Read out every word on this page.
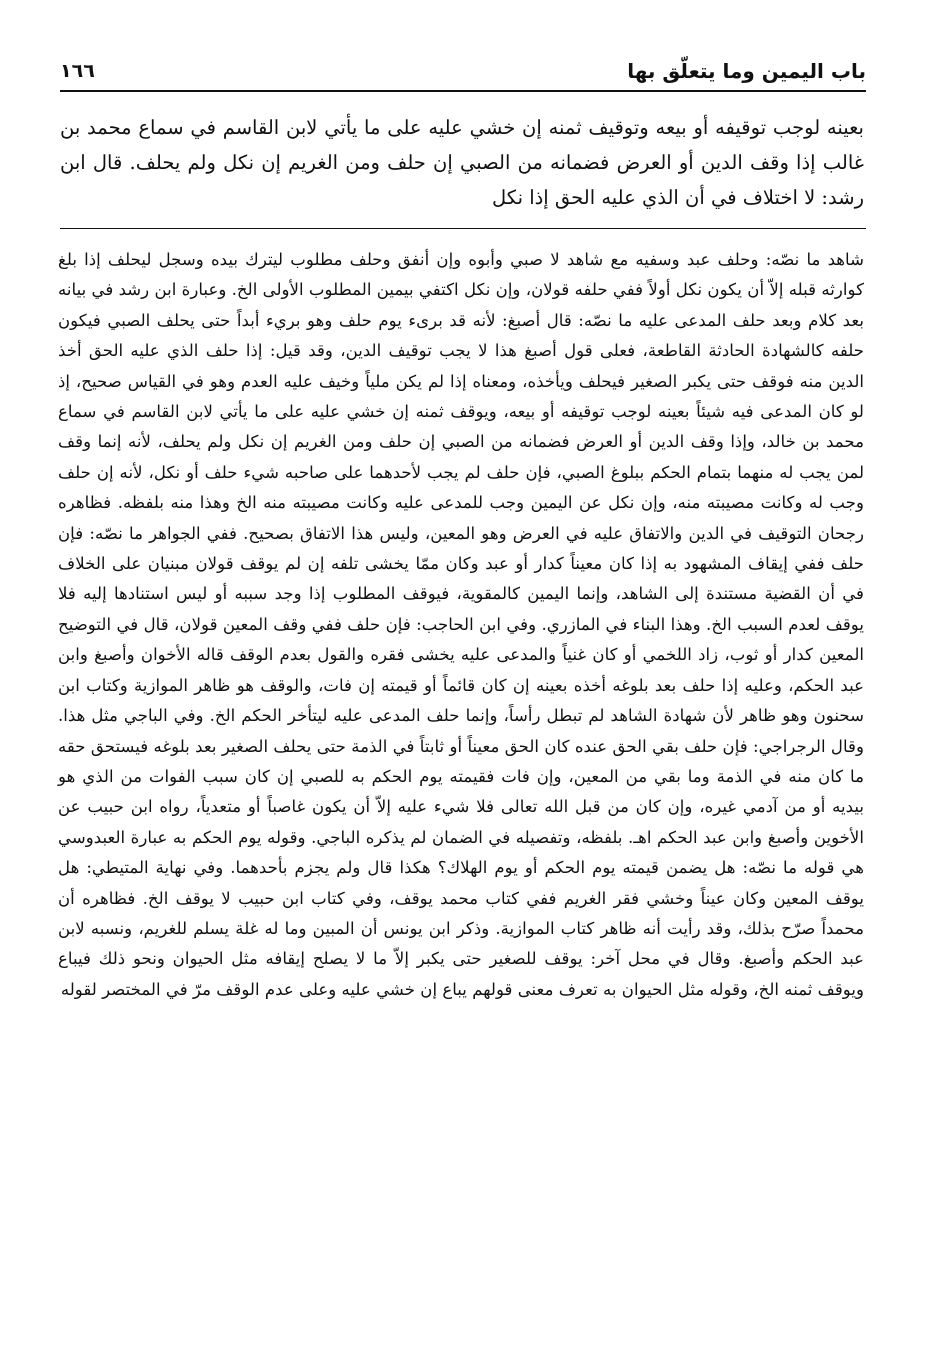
باب اليمين وما يتعلّق بها
١٦٦

بعينه لوجب توقيفه أو بيعه وتوقيف ثمنه إن خشي عليه على ما يأتي لابن القاسم في سماع محمد بن غالب إذا وقف الدين أو العرض فضمانه من الصبي إن حلف ومن الغريم إن نكل ولم يحلف. قال ابن رشد: لا اختلاف في أن الذي عليه الحق إذا نكل

شاهد ما نصّه: وحلف عبد وسفيه مع شاهد لا صبي وأبوه وإن أنفق وحلف مطلوب ليترك بيده وسجل ليحلف إذا بلغ كوارثه قبله إلاّ أن يكون نكل أولاً ففي حلفه قولان، وإن نكل اكتفي بيمين المطلوب الأولى الخ. وعبارة ابن رشد في بيانه بعد كلام وبعد حلف المدعى عليه ما نصّه: قال أصبغ: لأنه قد برىء يوم حلف وهو بريء أبداً حتى يحلف الصبي فيكون حلفه كالشهادة الحادثة القاطعة، فعلى قول أصبغ هذا لا يجب توقيف الدين، وقد قيل: إذا حلف الذي عليه الحق أخذ الدين منه فوقف حتى يكبر الصغير فيحلف ويأخذه، ومعناه إذا لم يكن ملياً وخيف عليه العدم وهو في القياس صحيح، إذ لو كان المدعى فيه شيئاً بعينه لوجب توقيفه أو بيعه، ويوقف ثمنه إن خشي عليه على ما يأتي لابن القاسم في سماع محمد بن خالد، وإذا وقف الدين أو العرض فضمانه من الصبي إن حلف ومن الغريم إن نكل ولم يحلف، لأنه إنما وقف لمن يجب له منهما بتمام الحكم ببلوغ الصبي، فإن حلف لم يجب لأحدهما على صاحبه شيء حلف أو نكل، لأنه إن حلف وجب له وكانت مصيبته منه، وإن نكل عن اليمين وجب للمدعى عليه وكانت مصيبته منه الخ وهذا منه بلفظه. فظاهره رجحان التوقيف في الدين والاتفاق عليه في العرض وهو المعين، وليس هذا الاتفاق بصحيح. ففي الجواهر ما نصّه: فإن حلف ففي إيقاف المشهود به إذا كان معيناً كدار أو عبد وكان ممّا يخشى تلفه إن لم يوقف قولان مبنيان على الخلاف في أن القضية مستندة إلى الشاهد، وإنما اليمين كالمقوية، فيوقف المطلوب إذا وجد سببه أو ليس استنادها إليه فلا يوقف لعدم السبب الخ. وهذا البناء في المازري. وفي ابن الحاجب: فإن حلف ففي وقف المعين قولان، قال في التوضيح المعين كدار أو ثوب، زاد اللخمي أو كان غنياً والمدعى عليه يخشى فقره والقول بعدم الوقف قاله الأخوان وأصبغ وابن عبد الحكم، وعليه إذا حلف بعد بلوغه أخذه بعينه إن كان قائماً أو قيمته إن فات، والوقف هو ظاهر الموازية وكتاب ابن سحنون وهو ظاهر لأن شهادة الشاهد لم تبطل رأساً، وإنما حلف المدعى عليه ليتأخر الحكم الخ. وفي الباجي مثل هذا. وقال الرجراجي: فإن حلف بقي الحق عنده كان الحق معيناً أو ثابتاً في الذمة حتى يحلف الصغير بعد بلوغه فيستحق حقه ما كان منه في الذمة وما بقي من المعين، وإن فات فقيمته يوم الحكم به للصبي إن كان سبب الفوات من الذي هو بيديه أو من آدمي غيره، وإن كان من قبل الله تعالى فلا شيء عليه إلاّ أن يكون غاصباً أو متعدياً، رواه ابن حبيب عن الأخوين وأصبغ وابن عبد الحكم اهـ. بلفظه، وتفصيله في الضمان لم يذكره الباجي. وقوله يوم الحكم به عبارة العبدوسي هي قوله ما نصّه: هل يضمن قيمته يوم الحكم أو يوم الهلاك؟ هكذا قال ولم يجزم بأحدهما. وفي نهاية المتيطي: هل يوقف المعين وكان عيناً وخشي فقر الغريم ففي كتاب محمد يوقف، وفي كتاب ابن حبيب لا يوقف الخ. فظاهره أن محمداً صرّح بذلك، وقد رأيت أنه ظاهر كتاب الموازية. وذكر ابن يونس أن المبين وما له غلة يسلم للغريم، ونسبه لابن عبد الحكم وأصبغ. وقال في محل آخر: يوقف للصغير حتى يكبر إلاّ ما لا يصلح إيقافه مثل الحيوان ونحو ذلك فيباع ويوقف ثمنه الخ، وقوله مثل الحيوان به تعرف معنى قولهم يباع إن خشي عليه وعلى عدم الوقف مرّ في المختصر لقوله
